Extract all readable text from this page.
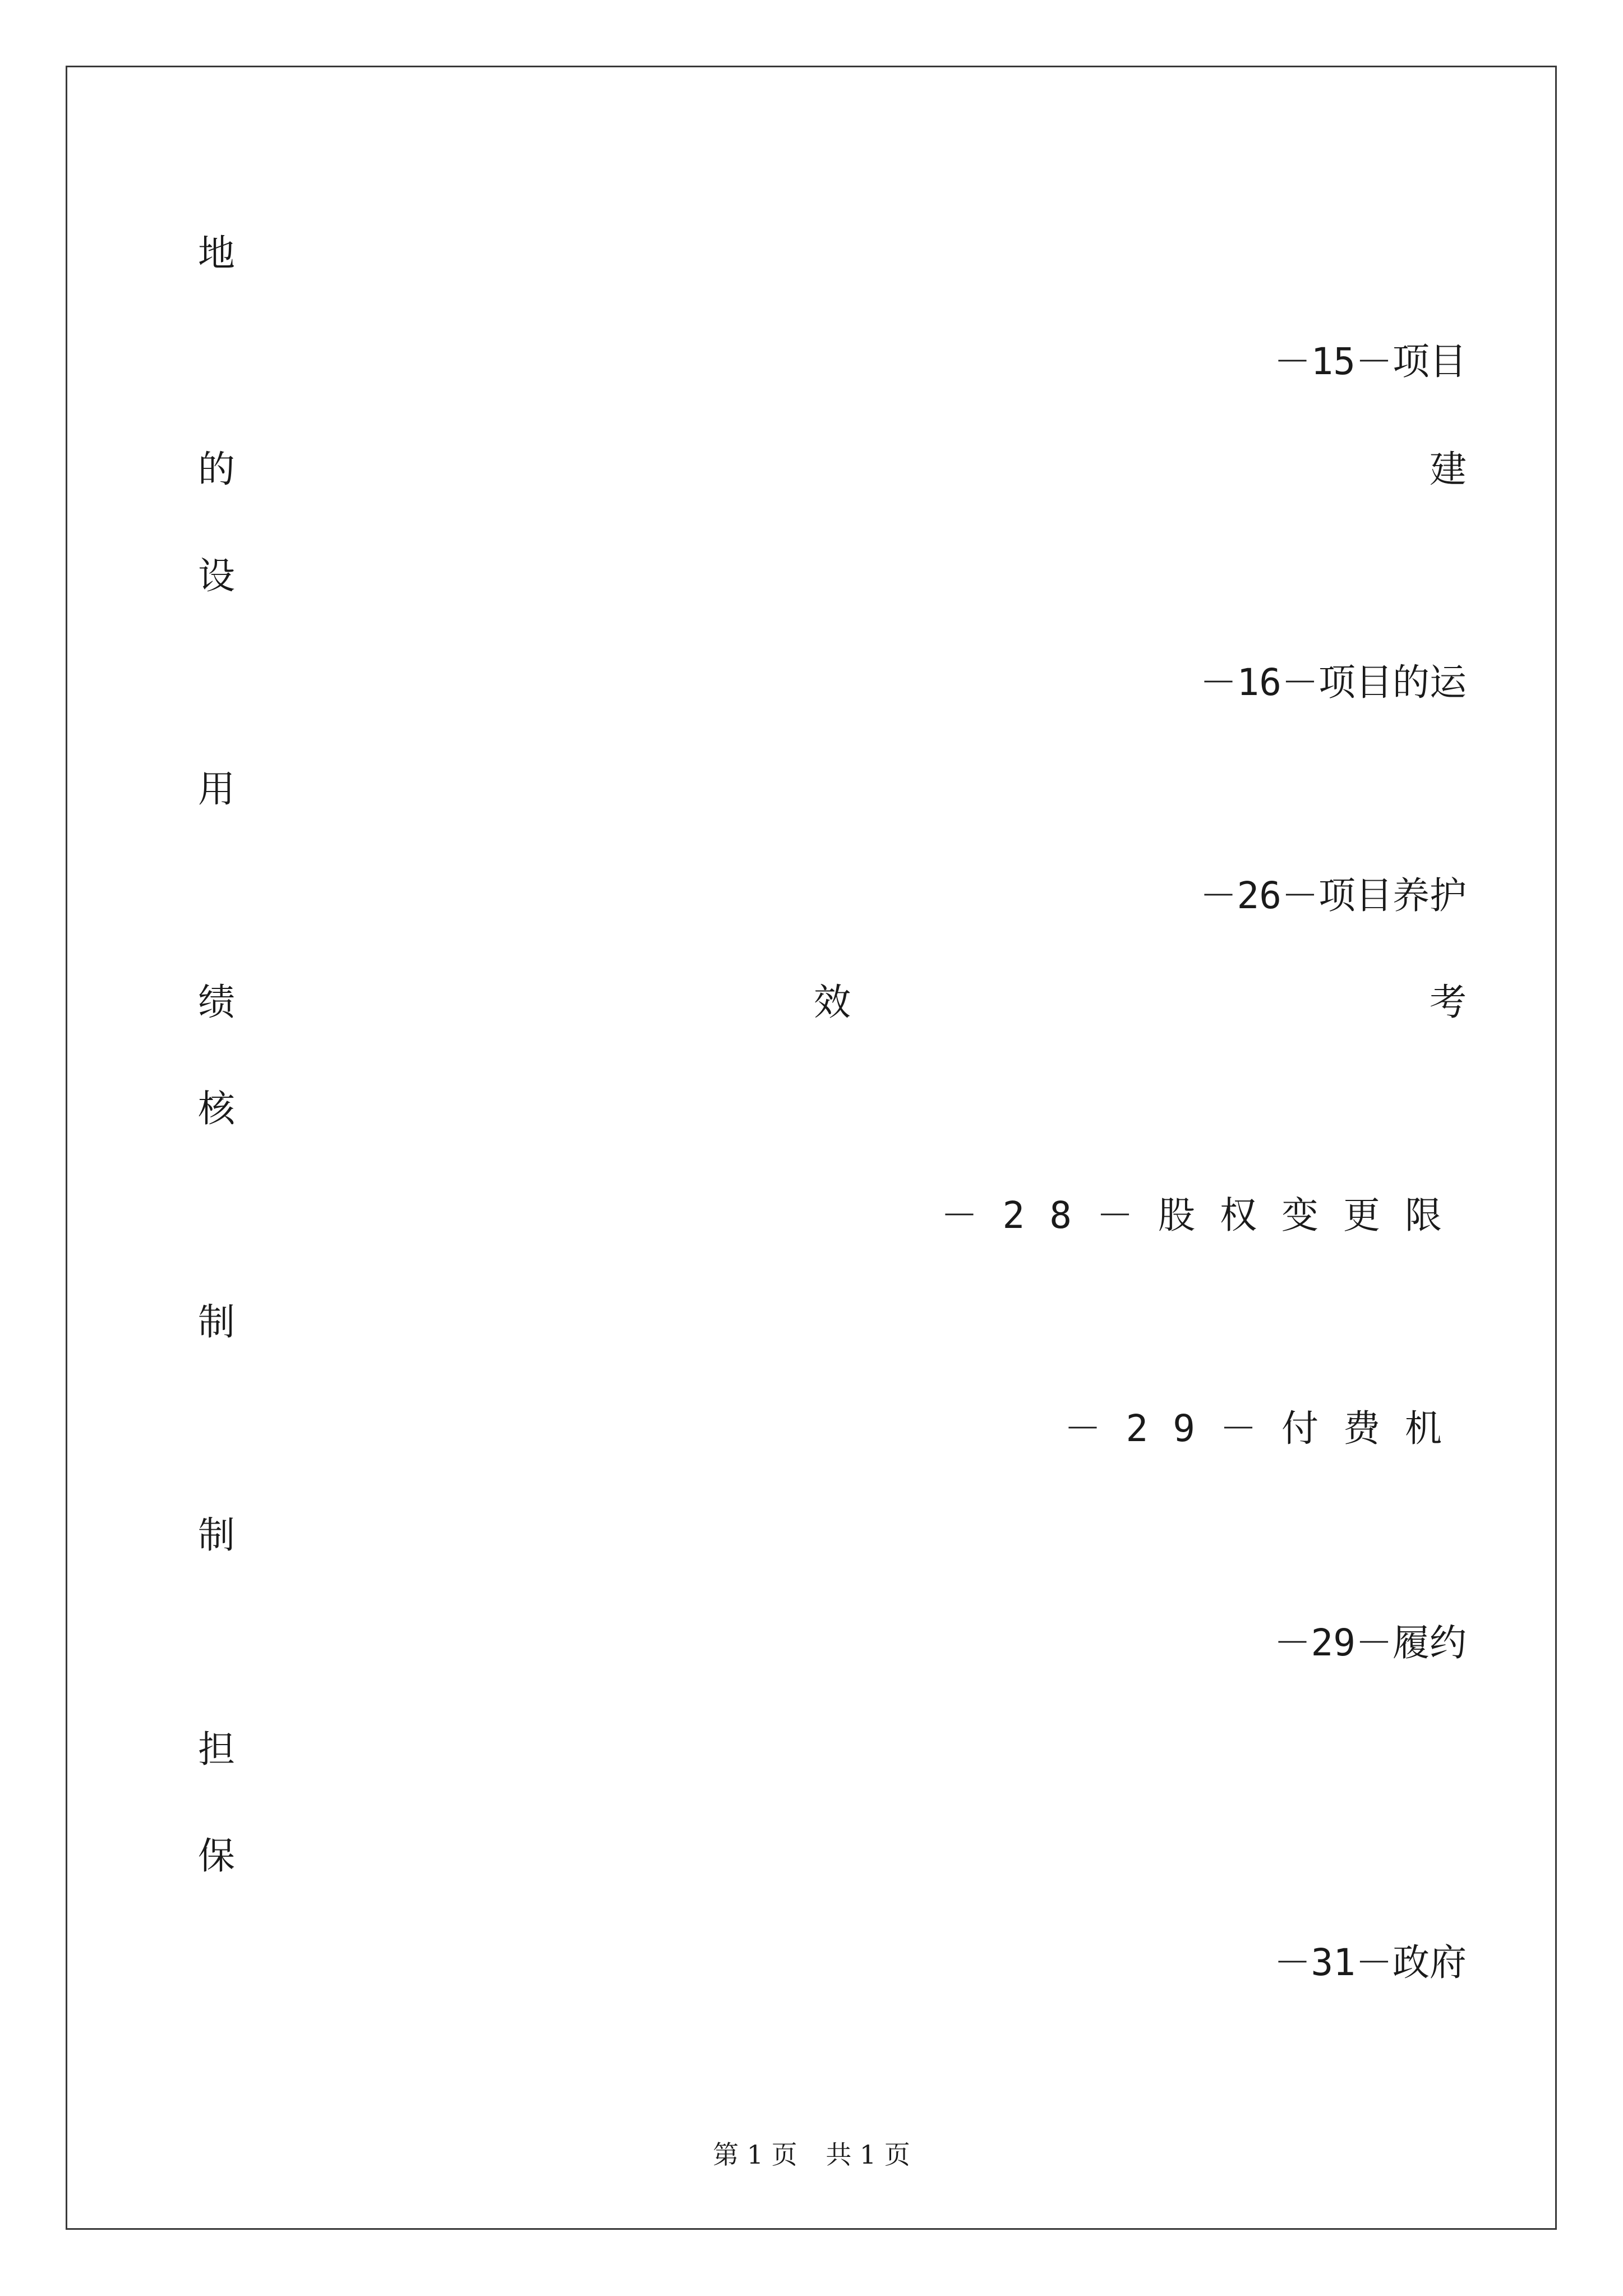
地
－15－项目
的	建
设
－16－项目的运
用
－26－项目养护
绩	效	考
核
－28－股权变更限
制
－29－付费机
制
－29－履约
担
保
－31－政府
第 1 页 共 1 页
